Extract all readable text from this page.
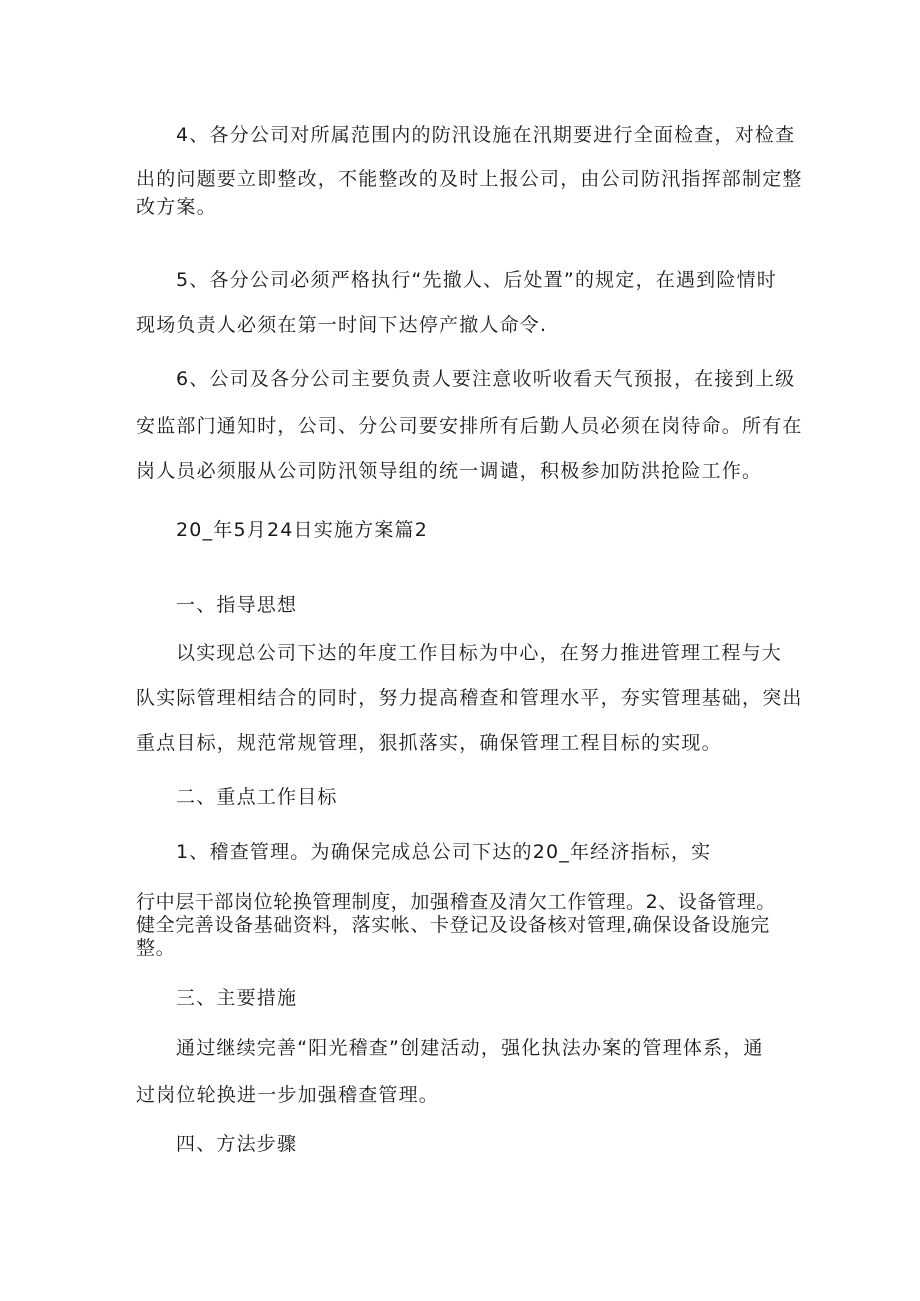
4、各分公司对所属范围内的防汛设施在汛期要进行全面检查，对检查
出的问题要立即整改，不能整改的及时上报公司，由公司防汛指挥部制定整
改方案。
5、各分公司必须严格执行“先撤人、后处置”的规定，在遇到险情时
现场负责人必须在第一时间下达停产撤人命令.
6、公司及各分公司主要负责人要注意收听收看天气预报，在接到上级
安监部门通知时，公司、分公司要安排所有后勤人员必须在岗待命。所有在
岗人员必须服从公司防汛领导组的统一调谴，积极参加防洪抢险工作。
20_年5月24日实施方案篇2
一、指导思想
以实现总公司下达的年度工作目标为中心，在努力推进管理工程与大
队实际管理相结合的同时，努力提高稽查和管理水平，夯实管理基础，突出
重点目标，规范常规管理，狠抓落实，确保管理工程目标的实现。
二、重点工作目标
1、稽查管理。为确保完成总公司下达的20_年经济指标，实
行中层干部岗位轮换管理制度，加强稽查及清欠工作管理。2、设备管理。
健全完善设备基础资料，落实帐、卡登记及设备核对管理,确保设备设施完
整。
三、主要措施
通过继续完善“阳光稽查”创建活动，强化执法办案的管理体系，通
过岗位轮换进一步加强稽查管理。
四、方法步骤
